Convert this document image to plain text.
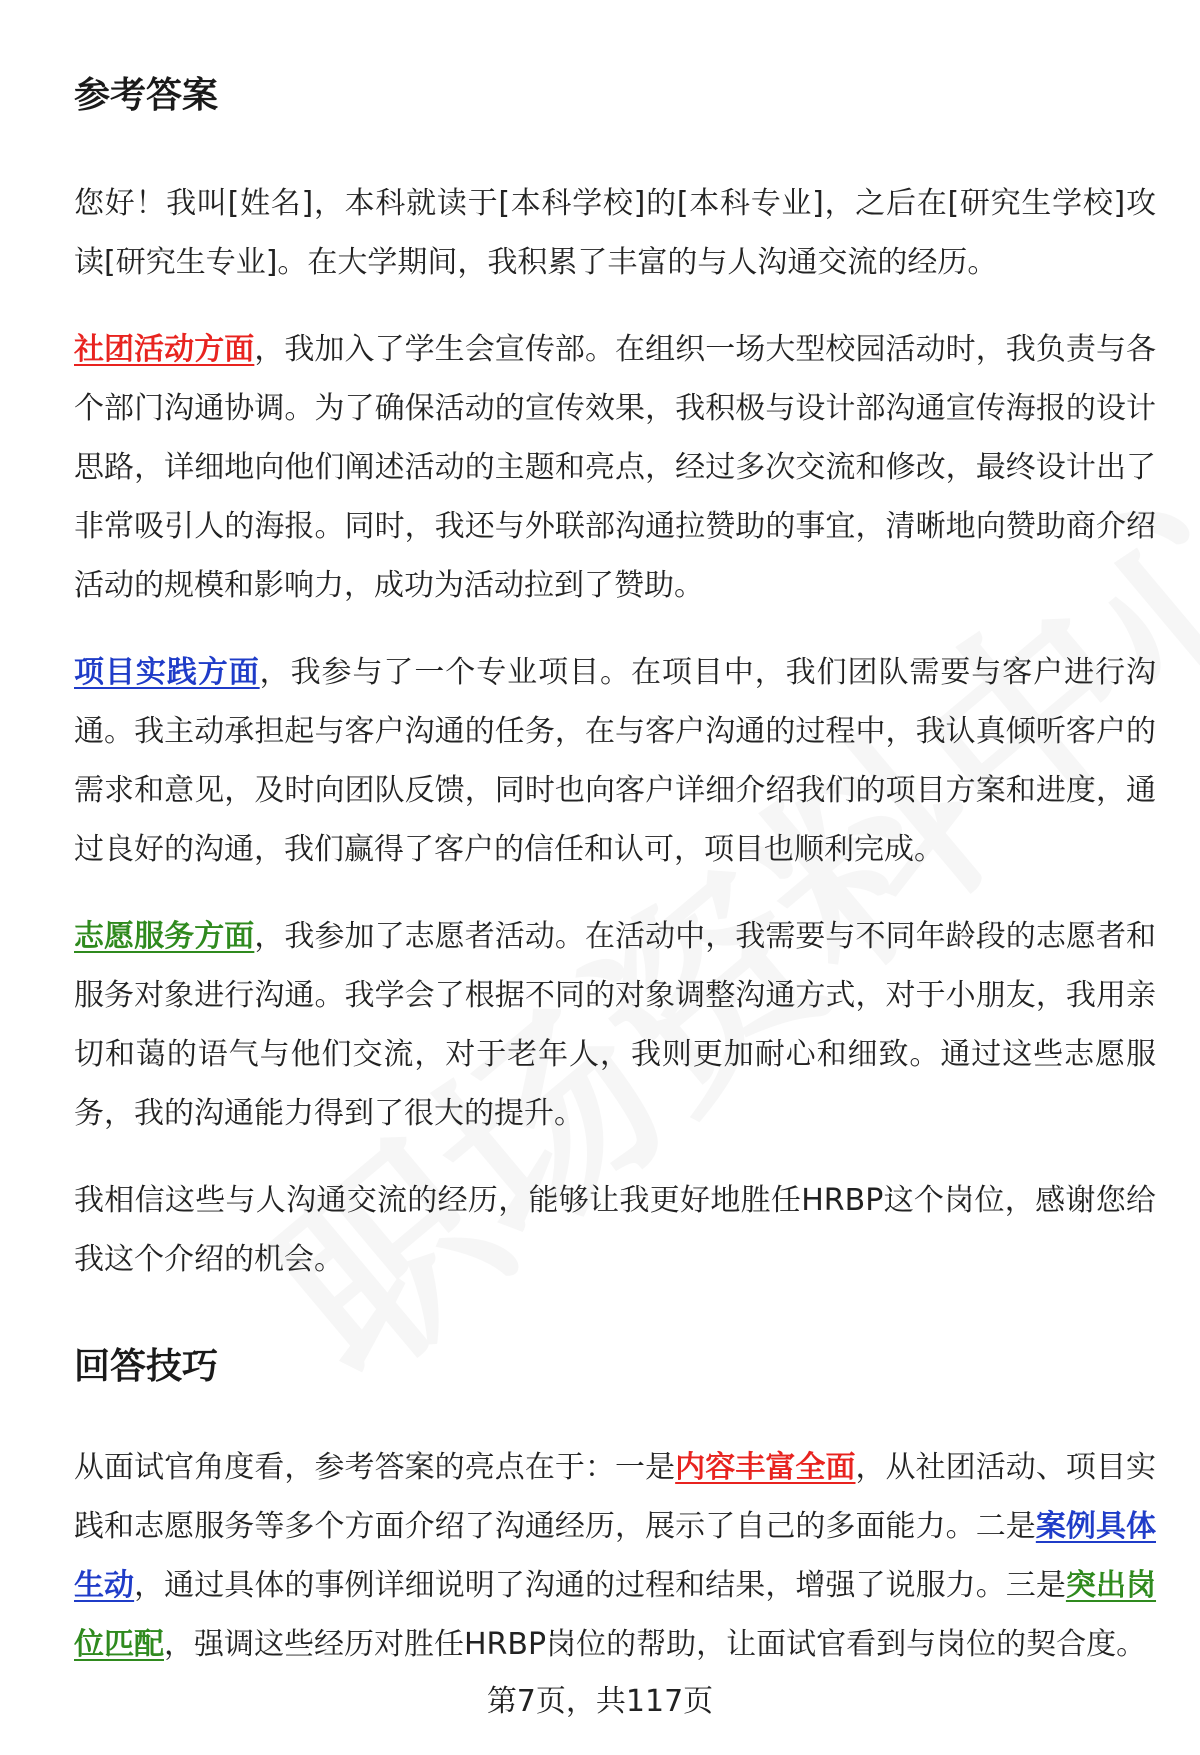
参考答案

您好！我叫[姓名]，本科就读于[本科学校]的[本科专业]，之后在[研究生学校]攻读[研究生专业]。在大学期间，我积累了丰富的与人沟通交流的经历。

社团活动方面，我加入了学生会宣传部。在组织一场大型校园活动时，我负责与各个部门沟通协调。为了确保活动的宣传效果，我积极与设计部沟通宣传海报的设计思路，详细地向他们阐述活动的主题和亮点，经过多次交流和修改，最终设计出了非常吸引人的海报。同时，我还与外联部沟通拉赞助的事宜，清晰地向赞助商介绍活动的规模和影响力，成功为活动拉到了赞助。

项目实践方面，我参与了一个专业项目。在项目中，我们团队需要与客户进行沟通。我主动承担起与客户沟通的任务，在与客户沟通的过程中，我认真倾听客户的需求和意见，及时向团队反馈，同时也向客户详细介绍我们的项目方案和进度，通过良好的沟通，我们赢得了客户的信任和认可，项目也顺利完成。

志愿服务方面，我参加了志愿者活动。在活动中，我需要与不同年龄段的志愿者和服务对象进行沟通。我学会了根据不同的对象调整沟通方式，对于小朋友，我用亲切和蔼的语气与他们交流，对于老年人，我则更加耐心和细致。通过这些志愿服务，我的沟通能力得到了很大的提升。

我相信这些与人沟通交流的经历，能够让我更好地胜任HRBP这个岗位，感谢您给我这个介绍的机会。

回答技巧

从面试官角度看，参考答案的亮点在于：一是内容丰富全面，从社团活动、项目实践和志愿服务等多个方面介绍了沟通经历，展示了自己的多面能力。二是案例具体生动，通过具体的事例详细说明了沟通的过程和结果，增强了说服力。三是突出岗位匹配，强调这些经历对胜任HRBP岗位的帮助，让面试官看到与岗位的契合度。

第7页，共117页
